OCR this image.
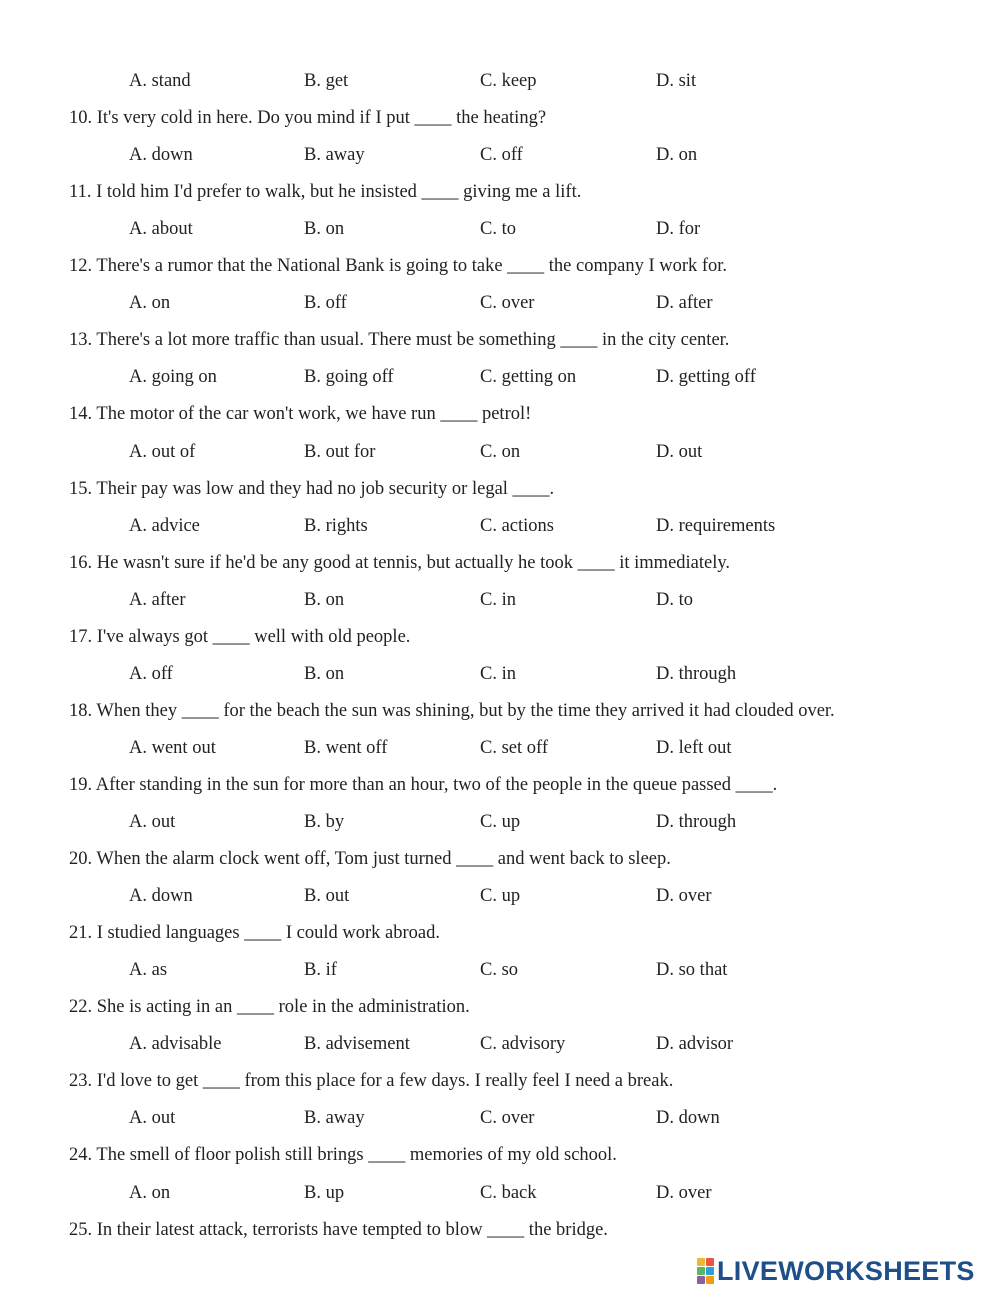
A. stand	B. get	C. keep	D. sit
10. It's very cold in here. Do you mind if I put ____ the heating?
A. down	B. away	C. off	D. on
11. I told him I'd prefer to walk, but he insisted ____ giving me a lift.
A. about	B. on	C. to	D. for
12. There's a rumor that the National Bank is going to take ____ the company I work for.
A. on	B. off	C. over	D. after
13. There's a lot more traffic than usual. There must be something ____ in the city center.
A. going on	B. going off	C. getting on	D. getting off
14. The motor of the car won't work, we have run ____ petrol!
A. out of	B. out for	C. on	D. out
15. Their pay was low and they had no job security or legal ____.
A. advice	B. rights	C. actions	D. requirements
16. He wasn't sure if he'd be any good at tennis, but actually he took ____ it immediately.
A. after	B. on	C. in	D. to
17. I've always got ____ well with old people.
A. off	B. on	C. in	D. through
18. When they ____ for the beach the sun was shining, but by the time they arrived it had clouded over.
A. went out	B. went off	C. set off	D. left out
19. After standing in the sun for more than an hour, two of the people in the queue passed ____.
A. out	B. by	C. up	D. through
20. When the alarm clock went off, Tom just turned ____ and went back to sleep.
A. down	B. out	C. up	D. over
21. I studied languages ____ I could work abroad.
A. as	B. if	C. so	D. so that
22. She is acting in an ____ role in the administration.
A. advisable	B. advisement	C. advisory	D. advisor
23. I'd love to get ____ from this place for a few days. I really feel I need a break.
A. out	B. away	C. over	D. down
24. The smell of floor polish still brings ____ memories of my old school.
A. on	B. up	C. back	D. over
25. In their latest attack, terrorists have tempted to blow ____ the bridge.
LIVEWORKSHEETS
